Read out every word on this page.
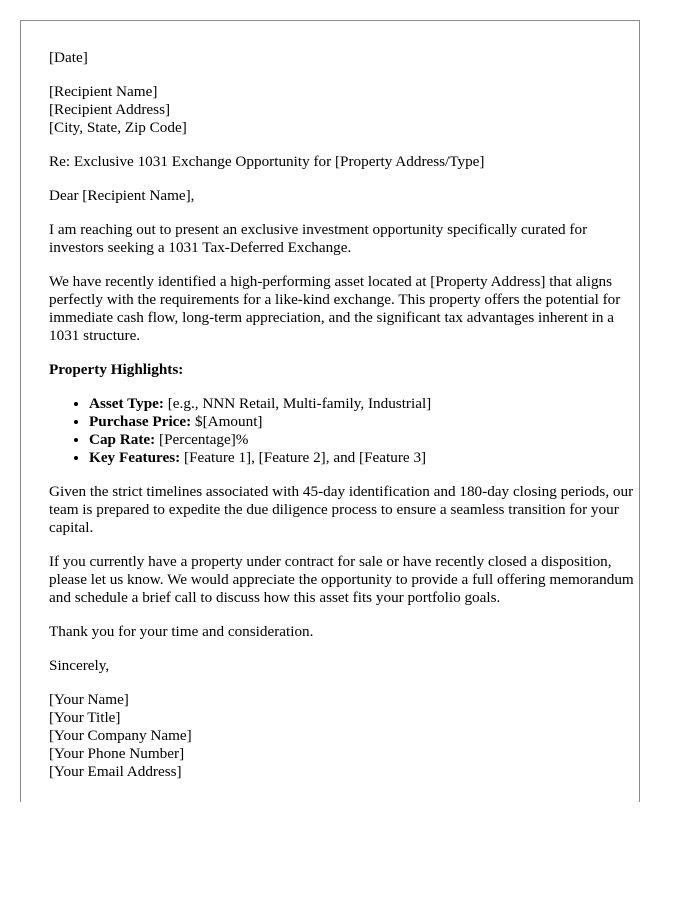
[Date]

[Recipient Name]
[Recipient Address]
[City, State, Zip Code]

Re: Exclusive 1031 Exchange Opportunity for [Property Address/Type]

Dear [Recipient Name],

I am reaching out to present an exclusive investment opportunity specifically curated for investors seeking a 1031 Tax-Deferred Exchange.

We have recently identified a high-performing asset located at [Property Address] that aligns perfectly with the requirements for a like-kind exchange. This property offers the potential for immediate cash flow, long-term appreciation, and the significant tax advantages inherent in a 1031 structure.

Property Highlights:

• Asset Type: [e.g., NNN Retail, Multi-family, Industrial]
• Purchase Price: $[Amount]
• Cap Rate: [Percentage]%
• Key Features: [Feature 1], [Feature 2], and [Feature 3]

Given the strict timelines associated with 45-day identification and 180-day closing periods, our team is prepared to expedite the due diligence process to ensure a seamless transition for your capital.

If you currently have a property under contract for sale or have recently closed a disposition, please let us know. We would appreciate the opportunity to provide a full offering memorandum and schedule a brief call to discuss how this asset fits your portfolio goals.

Thank you for your time and consideration.

Sincerely,

[Your Name]
[Your Title]
[Your Company Name]
[Your Phone Number]
[Your Email Address]
